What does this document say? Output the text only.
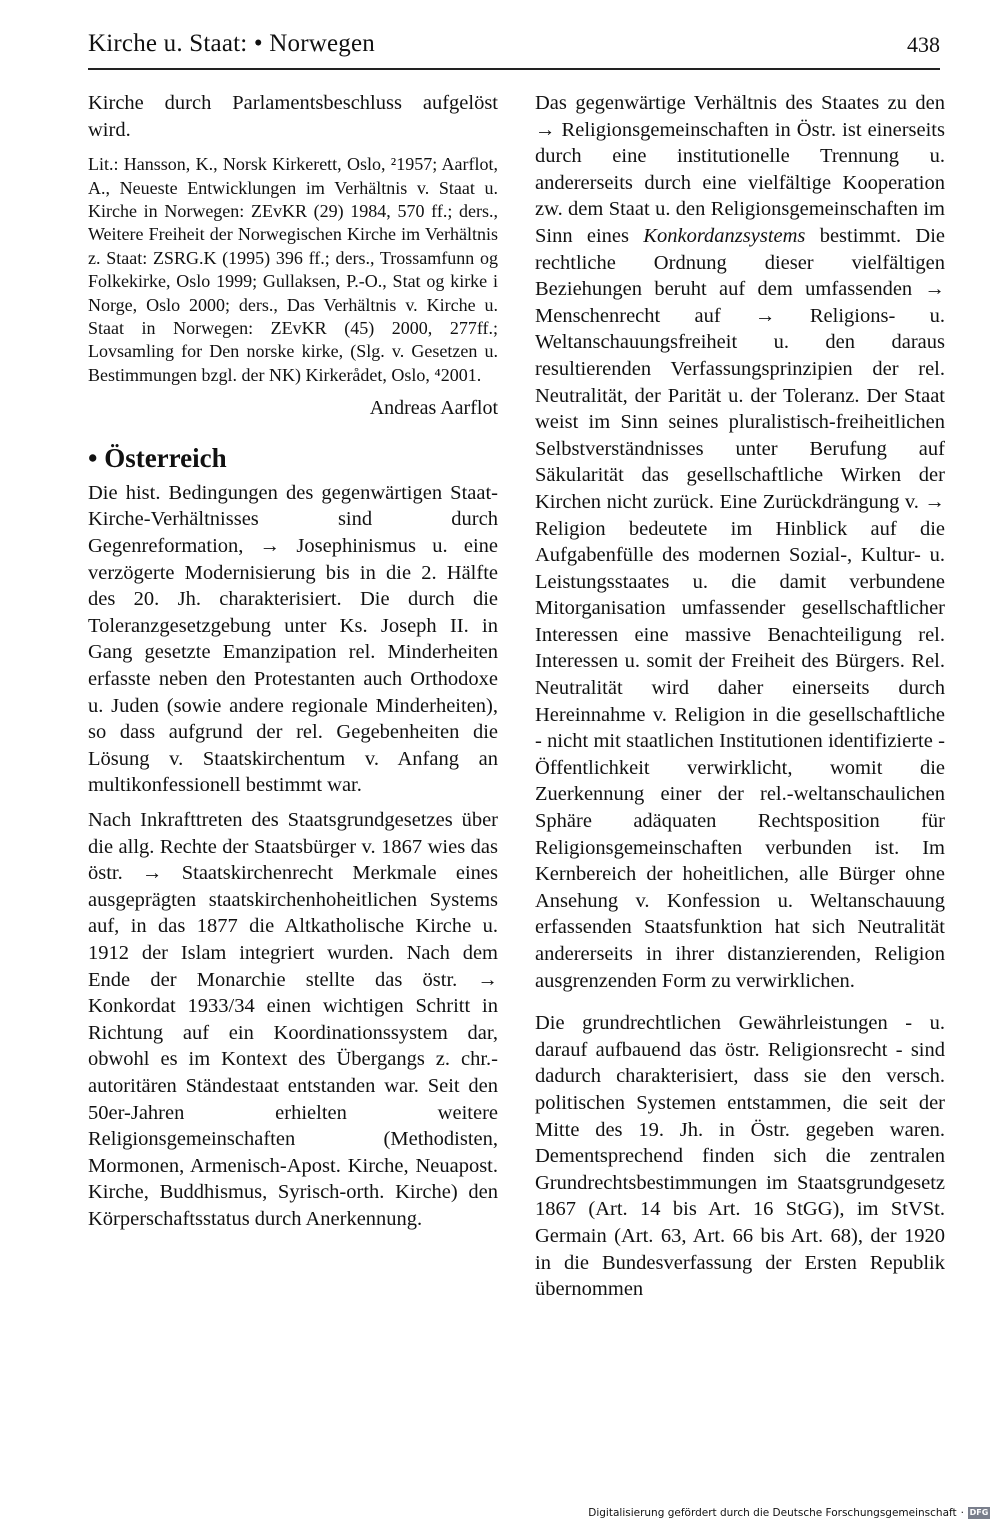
Kirche u. Staat: • Norwegen	438

Kirche durch Parlamentsbeschluss aufgelöst wird.

Lit.: Hansson, K., Norsk Kirkerett, Oslo, ²1957; Aarflot, A., Neueste Entwicklungen im Verhältnis v. Staat u. Kirche in Norwegen: ZEvKR (29) 1984, 570 ff.; ders., Weitere Freiheit der Norwegischen Kirche im Verhältnis z. Staat: ZSRG.K (1995) 396 ff.; ders., Trossamfunn og Folkekirke, Oslo 1999; Gullaksen, P.-O., Stat og kirke i Norge, Oslo 2000; ders., Das Verhältnis v. Kirche u. Staat in Norwegen: ZEvKR (45) 2000, 277ff.; Lovsamling for Den norske kirke, (Slg. v. Gesetzen u. Bestimmungen bzgl. der NK) Kirkerådet, Oslo, ⁴2001.

Andreas Aarflot

• Österreich

Die hist. Bedingungen des gegenwärtigen Staat-Kirche-Verhältnisses sind durch Gegenreformation, → Josephinismus u. eine verzögerte Modernisierung bis in die 2. Hälfte des 20. Jh. charakterisiert. Die durch die Toleranzgesetzgebung unter Ks. Joseph II. in Gang gesetzte Emanzipation rel. Minderheiten erfasste neben den Protestanten auch Orthodoxe u. Juden (sowie andere regionale Minderheiten), so dass aufgrund der rel. Gegebenheiten die Lösung v. Staatskirchentum v. Anfang an multikonfessionell bestimmt war.

Nach Inkrafttreten des Staatsgrundgesetzes über die allg. Rechte der Staatsbürger v. 1867 wies das östr. → Staatskirchenrecht Merkmale eines ausgeprägten staatskirchenhoheitlichen Systems auf, in das 1877 die Altkatholische Kirche u. 1912 der Islam integriert wurden. Nach dem Ende der Monarchie stellte das östr. → Konkordat 1933/34 einen wichtigen Schritt in Richtung auf ein Koordinationssystem dar, obwohl es im Kontext des Übergangs z. chr.-autoritären Ständestaat entstanden war. Seit den 50er-Jahren erhielten weitere Religionsgemeinschaften (Methodisten, Mormonen, Armenisch-Apost. Kirche, Neuapost. Kirche, Buddhismus, Syrisch-orth. Kirche) den Körperschaftsstatus durch Anerkennung.

Das gegenwärtige Verhältnis des Staates zu den → Religionsgemeinschaften in Östr. ist einerseits durch eine institutionelle Trennung u. andererseits durch eine vielfältige Kooperation zw. dem Staat u. den Religionsgemeinschaften im Sinn eines Konkordanzsystems bestimmt. Die rechtliche Ordnung dieser vielfältigen Beziehungen beruht auf dem umfassenden → Menschenrecht auf → Religions- u. Weltanschauungsfreiheit u. den daraus resultierenden Verfassungsprinzipien der rel. Neutralität, der Parität u. der Toleranz. Der Staat weist im Sinn seines pluralistisch-freiheitlichen Selbstverständnisses unter Berufung auf Säkularität das gesellschaftliche Wirken der Kirchen nicht zurück. Eine Zurückdrängung v. → Religion bedeutete im Hinblick auf die Aufgabenfülle des modernen Sozial-, Kultur- u. Leistungsstaates u. die damit verbundene Mitorganisation umfassender gesellschaftlicher Interessen eine massive Benachteiligung rel. Interessen u. somit der Freiheit des Bürgers. Rel. Neutralität wird daher einerseits durch Hereinnahme v. Religion in die gesellschaftliche - nicht mit staatlichen Institutionen identifizierte - Öffentlichkeit verwirklicht, womit die Zuerkennung einer der rel.-weltanschaulichen Sphäre adäquaten Rechtsposition für Religionsgemeinschaften verbunden ist. Im Kernbereich der hoheitlichen, alle Bürger ohne Ansehung v. Konfession u. Weltanschauung erfassenden Staatsfunktion hat sich Neutralität andererseits in ihrer distanzierenden, Religion ausgrenzenden Form zu verwirklichen.

Die grundrechtlichen Gewährleistungen - u. darauf aufbauend das östr. Religionsrecht - sind dadurch charakterisiert, dass sie den versch. politischen Systemen entstammen, die seit der Mitte des 19. Jh. in Östr. gegeben waren. Dementsprechend finden sich die zentralen Grundrechtsbestimmungen im Staatsgrundgesetz 1867 (Art. 14 bis Art. 16 StGG), im StVSt. Germain (Art. 63, Art. 66 bis Art. 68), der 1920 in die Bundesverfassung der Ersten Republik übernommen

Digitalisierung gefördert durch die Deutsche Forschungsgemeinschaft · DFG
